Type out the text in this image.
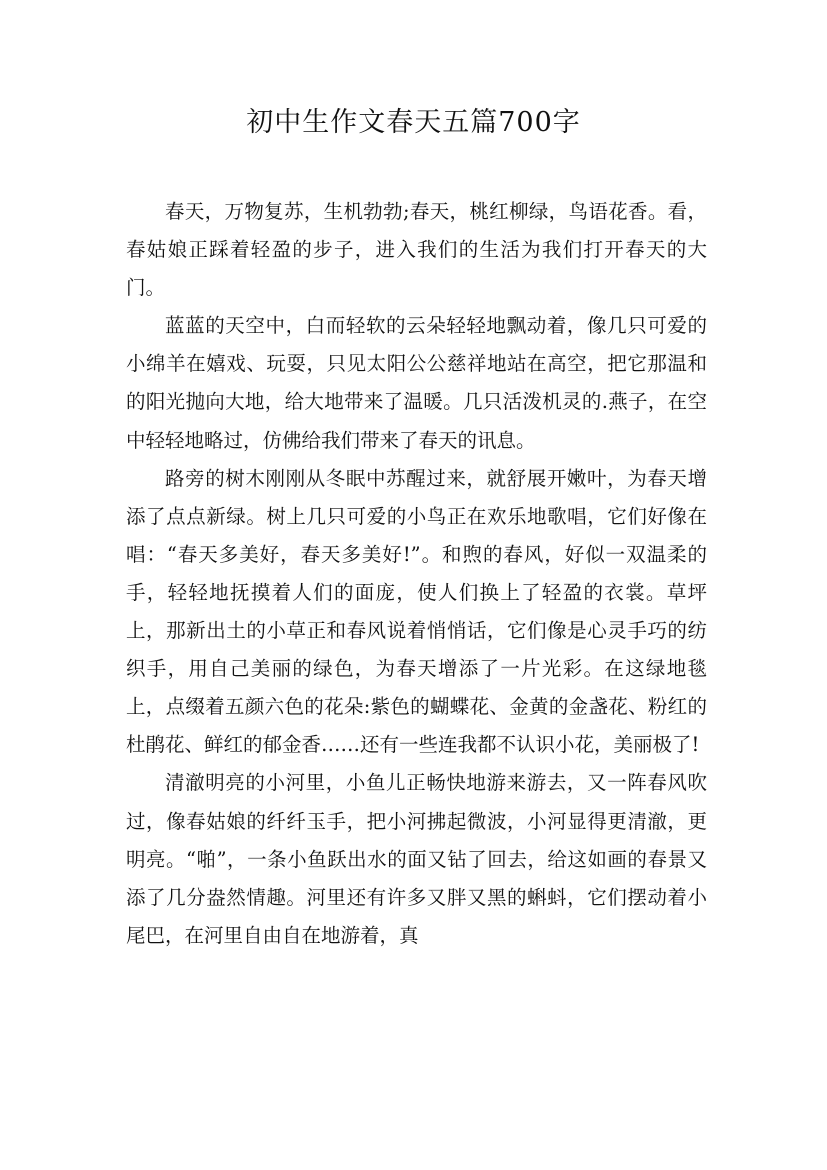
初中生作文春天五篇700字

春天，万物复苏，生机勃勃;春天，桃红柳绿，鸟语花香。看，春姑娘正踩着轻盈的步子，进入我们的生活为我们打开春天的大门。

蓝蓝的天空中，白而轻软的云朵轻轻地飘动着，像几只可爱的小绵羊在嬉戏、玩耍，只见太阳公公慈祥地站在高空，把它那温和的阳光抛向大地，给大地带来了温暖。几只活泼机灵的.燕子，在空中轻轻地略过，仿佛给我们带来了春天的讯息。

路旁的树木刚刚从冬眠中苏醒过来，就舒展开嫩叶，为春天增添了点点新绿。树上几只可爱的小鸟正在欢乐地歌唱，它们好像在唱：“春天多美好，春天多美好!”。和煦的春风，好似一双温柔的手，轻轻地抚摸着人们的面庞，使人们换上了轻盈的衣裳。草坪上，那新出土的小草正和春风说着悄悄话，它们像是心灵手巧的纺织手，用自己美丽的绿色，为春天增添了一片光彩。在这绿地毯上，点缀着五颜六色的花朵:紫色的蝴蝶花、金黄的金盏花、粉红的杜鹃花、鲜红的郁金香……还有一些连我都不认识小花，美丽极了!

清澈明亮的小河里，小鱼儿正畅快地游来游去，又一阵春风吹过，像春姑娘的纤纤玉手，把小河拂起微波，小河显得更清澈，更明亮。“啪”，一条小鱼跃出水的面又钻了回去，给这如画的春景又添了几分盎然情趣。河里还有许多又胖又黑的蝌蚪，它们摆动着小尾巴，在河里自由自在地游着，真
